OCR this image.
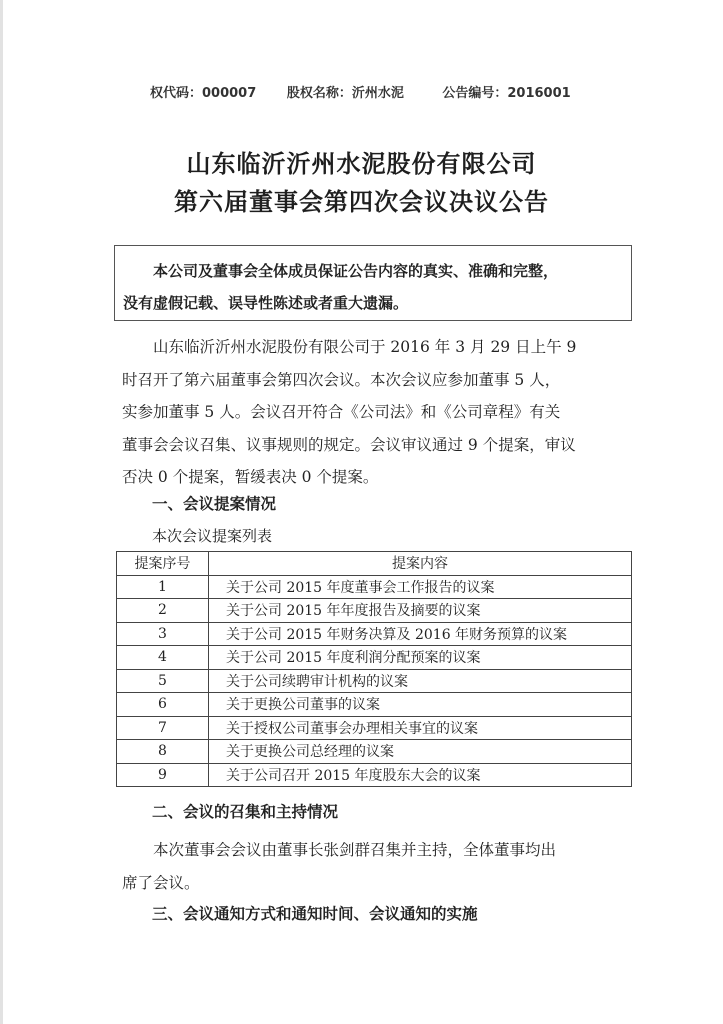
权代码：000007 股权名称：沂州水泥	公告编号：2016001
山东临沂沂州水泥股份有限公司
第六届董事会第四次会议决议公告

本公司及董事会全体成员保证公告内容的真实、准确和完整，

没有虚假记载、误导性陈述或者重大遗漏。

　　山东临沂沂州水泥股份有限公司于 2016 年 3 月 29 日上午 9

时召开了第六届董事会第四次会议。本次会议应参加董事 5 人，

实参加董事 5 人。会议召开符合《公司法》和《公司章程》有关

董事会会议召集、议事规则的规定。会议审议通过 9 个提案，审议

否决 0 个提案，暂缓表决 0 个提案。

一、会议提案情况
本次会议提案列表
提案序号	提案内容
1	关于公司 2015 年度董事会工作报告的议案
2	关于公司 2015 年年度报告及摘要的议案
3	关于公司 2015 年财务决算及 2016 年财务预算的议案
4	关于公司 2015 年度利润分配预案的议案
5	关于公司续聘审计机构的议案
6	关于更换公司董事的议案
7	关于授权公司董事会办理相关事宜的议案
8	关于更换公司总经理的议案
9	关于公司召开 2015 年度股东大会的议案
二、会议的召集和主持情况

　　本次董事会会议由董事长张剑群召集并主持，全体董事均出

席了会议。

三、会议通知方式和通知时间、会议通知的实施
